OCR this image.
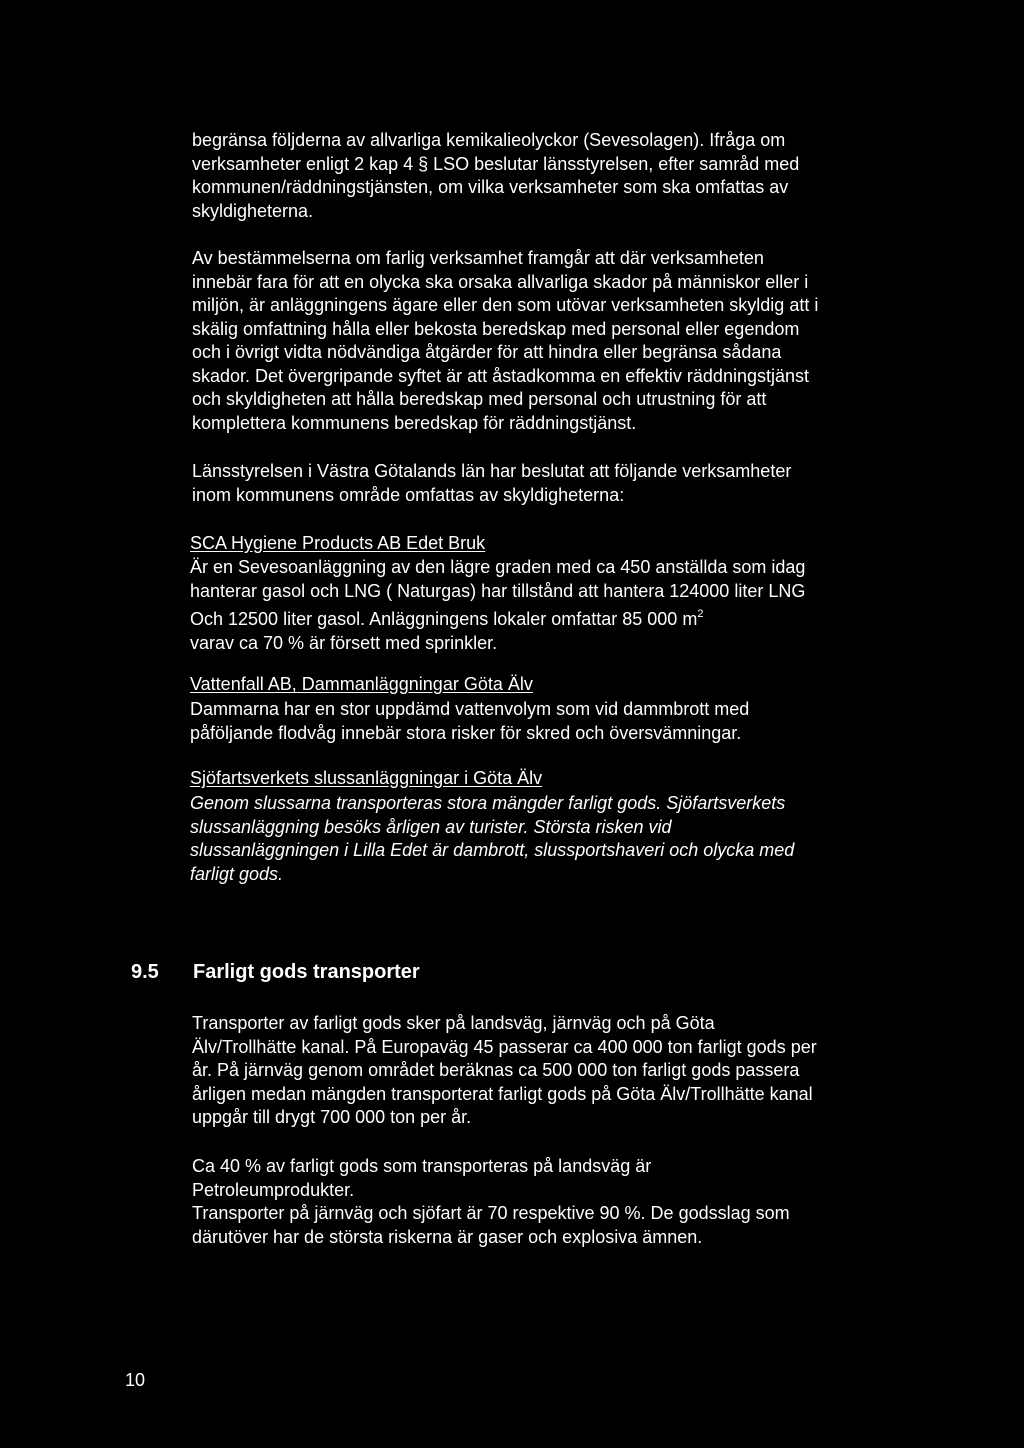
begränsa följderna av allvarliga kemikalieolyckor (Sevesolagen). Ifråga om
verksamheter enligt 2 kap 4 § LSO beslutar länsstyrelsen, efter samråd med
kommunen/räddningstjänsten, om vilka verksamheter som ska omfattas av
skyldigheterna.

Av bestämmelserna om farlig verksamhet framgår att där verksamheten
innebär fara för att en olycka ska orsaka allvarliga skador på människor eller i
miljön, är anläggningens ägare eller den som utövar verksamheten skyldig att i
skälig omfattning hålla eller bekosta beredskap med personal eller egendom
och i övrigt vidta nödvändiga åtgärder för att hindra eller begränsa sådana
skador. Det övergripande syftet är att åstadkomma en effektiv räddningstjänst
och skyldigheten att hålla beredskap med personal och utrustning för att
komplettera kommunens beredskap för räddningstjänst.

Länsstyrelsen i Västra Götalands län har beslutat att följande verksamheter
inom kommunens område omfattas av skyldigheterna:

SCA Hygiene Products AB Edet Bruk

Är en Sevesoanläggning av den lägre graden med ca 450 anställda som idag
hanterar gasol och LNG ( Naturgas) har tillstånd att hantera 124000 liter LNG
Och 12500 liter gasol. Anläggningens lokaler omfattar 85 000 $m^2$
varav ca 70 % är försett med sprinkler.

Vattenfall AB, Dammanläggningar Göta Älv

Dammarna har en stor uppdämd vattenvolym som vid dammbrott med
påföljande flodvåg innebär stora risker för skred och översvämningar.

Sjöfartsverkets slussanläggningar i Göta Älv

Genom slussarna transporteras stora mängder farligt gods. Sjöfartsverkets
slussanläggning besöks årligen av turister. Största risken vid
slussanläggningen i Lilla Edet är dambrott, slussportshaveri och olycka med
farligt gods.

9.5 Farligt gods transporter

Transporter av farligt gods sker på landsväg, järnväg och på Göta
Älv/Trollhätte kanal. På Europaväg 45 passerar ca 400 000 ton farligt gods per
år. På järnväg genom området beräknas ca 500 000 ton farligt gods passera
årligen medan mängden transporterat farligt gods på Göta Älv/Trollhätte kanal
uppgår till drygt 700 000 ton per år.

Ca 40 % av farligt gods som transporteras på landsväg är
Petroleumprodukter.
Transporter på järnväg och sjöfart är 70 respektive 90 %. De godsslag som
därutöver har de största riskerna är gaser och explosiva ämnen.

10
